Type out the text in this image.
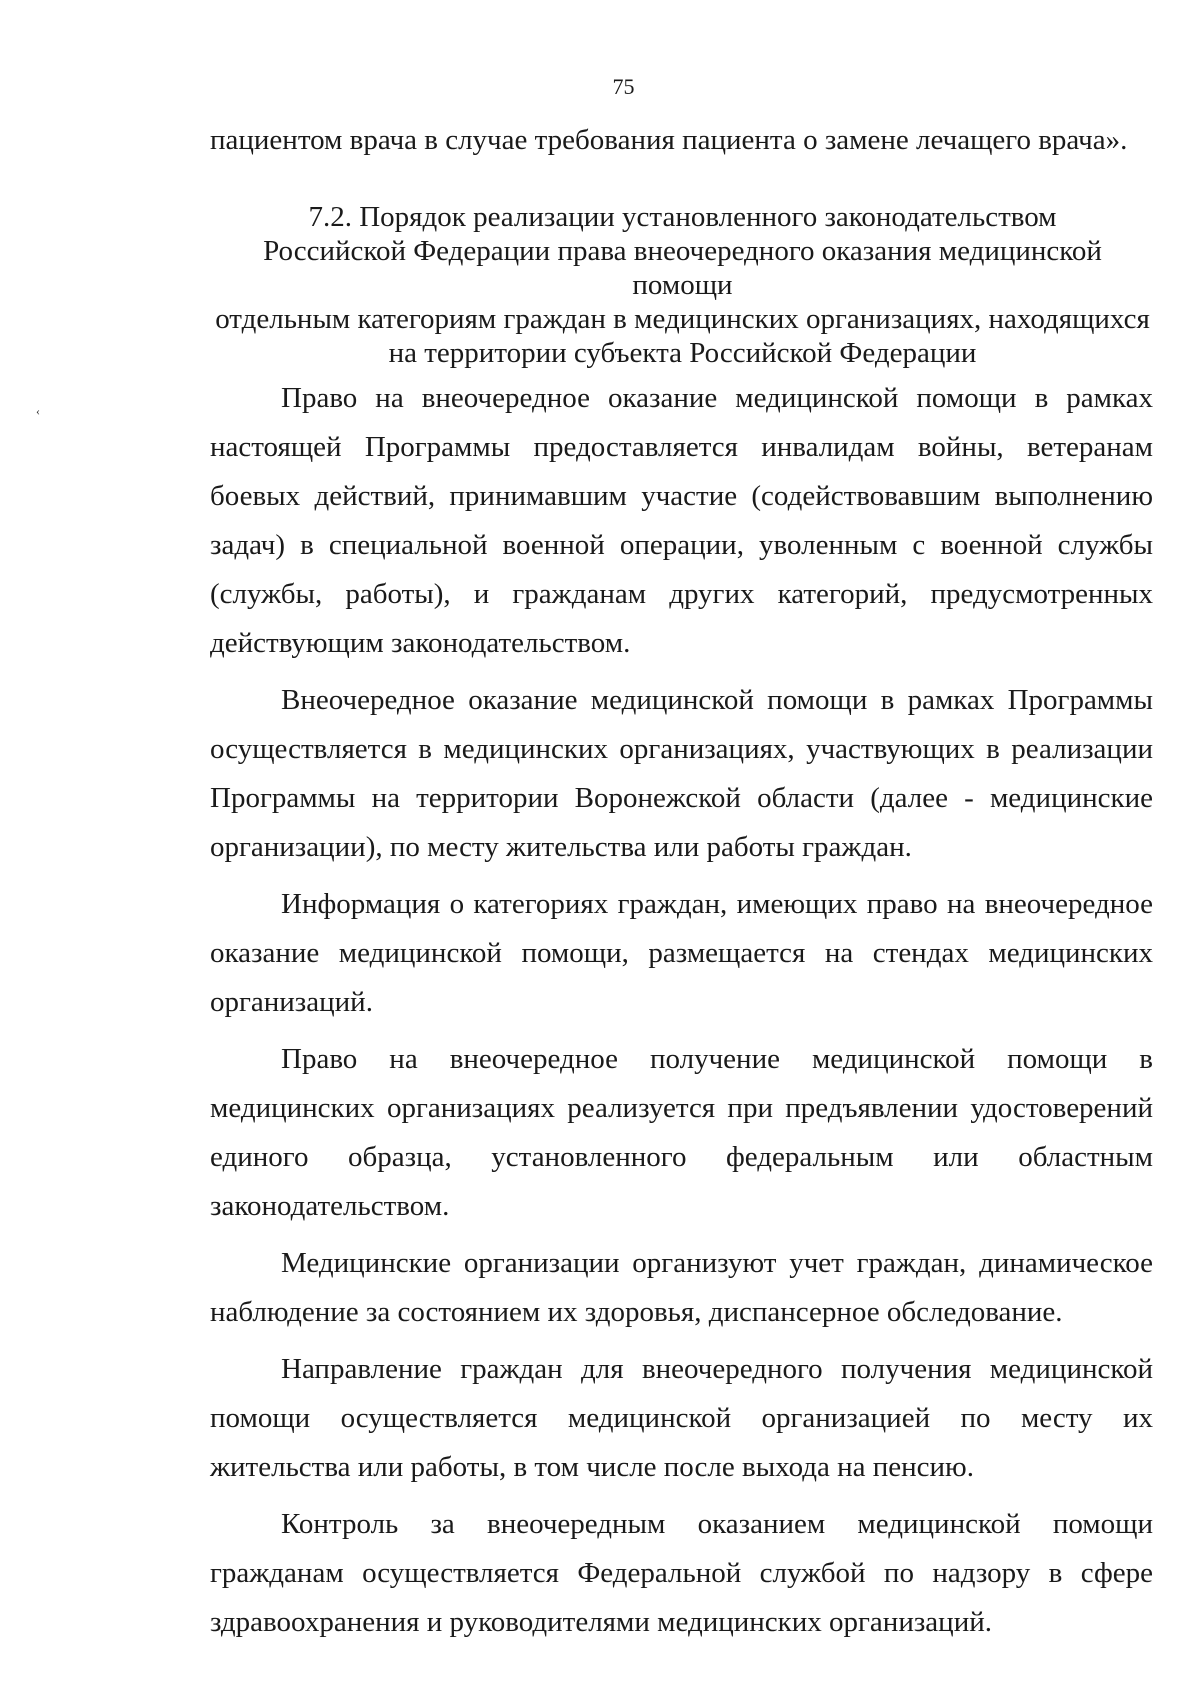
75

пациентом врача в случае требования пациента о замене лечащего врача».

7.2. Порядок реализации установленного законодательством
Российской Федерации права внеочередного оказания медицинской помощи
отдельным категориям граждан в медицинских организациях, находящихся
на территории субъекта Российской Федерации
‹	Право на внеочередное оказание медицинской помощи в рамках настоящей Программы предоставляется инвалидам войны, ветеранам боевых действий, принимавшим участие (содействовавшим выполнению задач) в специальной военной операции, уволенным с военной службы (службы, работы), и гражданам других категорий, предусмотренных действующим законодательством.

Внеочередное оказание медицинской помощи в рамках Программы осуществляется в медицинских организациях, участвующих в реализации Программы на территории Воронежской области (далее - медицинские организации), по месту жительства или работы граждан.

Информация о категориях граждан, имеющих право на внеочередное оказание медицинской помощи, размещается на стендах медицинских организаций.

Право на внеочередное получение медицинской помощи в медицинских организациях реализуется при предъявлении удостоверений единого образца, установленного федеральным или областным законодательством.

Медицинские организации организуют учет граждан, динамическое наблюдение за состоянием их здоровья, диспансерное обследование.

Направление граждан для внеочередного получения медицинской помощи осуществляется медицинской организацией по месту их жительства или работы, в том числе после выхода на пенсию.

Контроль за внеочередным оказанием медицинской помощи гражданам осуществляется Федеральной службой по надзору в сфере здравоохранения и руководителями медицинских организаций.
